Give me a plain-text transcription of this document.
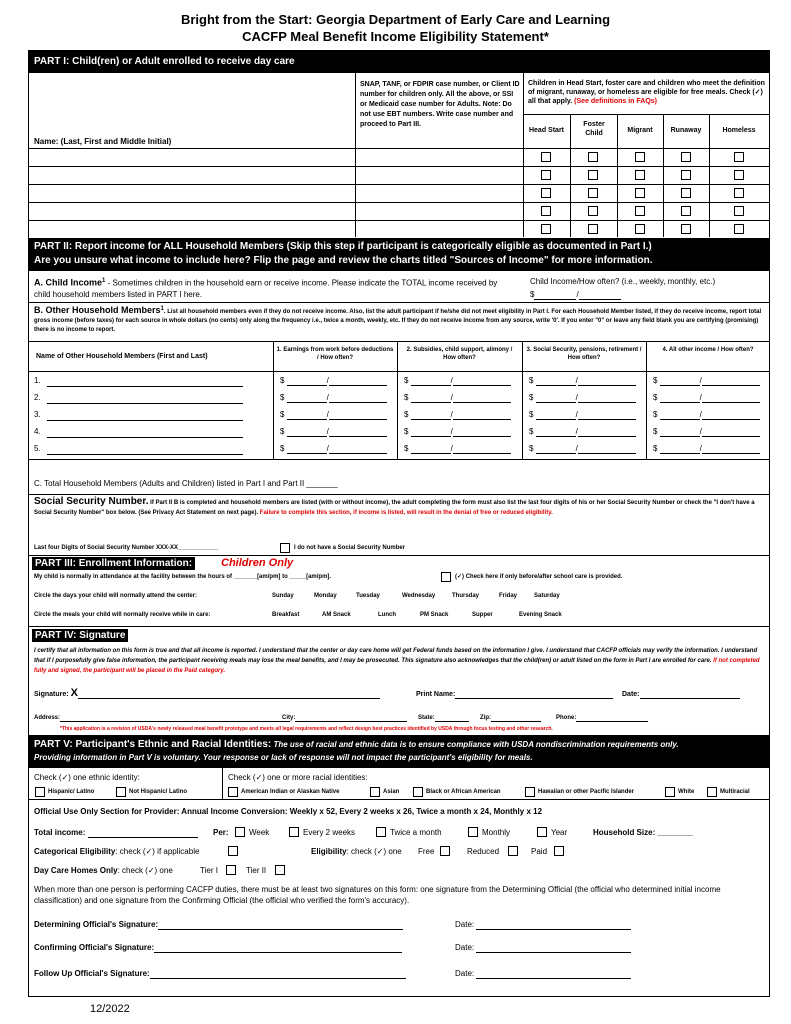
Bright from the Start: Georgia Department of Early Care and Learning
CACFP Meal Benefit Income Eligibility Statement*
PART I: Child(ren) or Adult enrolled to receive day care
Name: (Last, First and Middle Initial)
SNAP, TANF, or FDPIR case number, or Client ID number for children only. All the above, or SSI or Medicaid case number for Adults. Note: Do not use EBT numbers. Write case number and proceed to Part III.
Children in Head Start, foster care and children who meet the definition of migrant, runaway, or homeless are eligible for free meals. Check (✓) all that apply. (See definitions in FAQs)
Head Start
Foster Child	Migrant	Runaway	Homeless
PART II: Report income for ALL Household Members (Skip this step if participant is categorically eligible as documented in Part I.)
Are you unsure what income to include here? Flip the page and review the charts titled "Sources of Income" for more information.
A. Child Income$^1$ - Sometimes children in the household earn or receive income. Please indicate the TOTAL income received by child household members listed in PART I here.
Child Income/How often? (i.e., weekly, monthly, etc.)
$	/
B. Other Household Members$^1$. List all household members even if they do not receive income. Also, list the adult participant if he/she did not meet eligibility in Part I. For each Household Member listed, if they do receive income, report total gross income (before taxes) for each source in whole dollars (no cents) only along the frequency i.e., twice a month, weekly, etc. If they do not receive income from any source, write '0'. If you enter "0" or leave any field blank you are certifying (promising) there is no income to report.
Name of Other Household Members (First and Last)
1. Earnings from work before deductions / How often?
2. Subsidies, child support, alimony / How often?
3. Social Security, pensions, retirement / How often?
4. All other income / How often?
1.	$	/	$	/	$	/	$	/
2.	$	/	$	/	$	/	$	/
3.	$	/	$	/	$	/	$	/
4.	$	/	$	/	$	/	$	/
5.	$	/	$	/	$	/	$	/
C. Total Household Members (Adults and Children) listed in Part I and Part II _______
Social Security Number. If Part II B is completed and household members are listed (with or without income), the adult completing the form must also list the last four digits of his or her Social Security Number or check the "I don't have a Social Security Number" box below. (See Privacy Act Statement on next page). Failure to complete this section, if income is listed, will result in the denial of free or reduced eligibility.
Last four Digits of Social Security Number XXX-XX____________	I do not have a Social Security Number
PART III: Enrollment Information:	Children Only
My child is normally in attendance at the facility between the hours of _______[am/pm] to _____[am/pm].	(✓) Check here if only before/after school care is provided.
Circle the days your child will normally attend the center:	Sunday	Monday	Tuesday	Wednesday	Thursday	Friday	Saturday
Circle the meals your child will normally receive while in care:	Breakfast	AM Snack	Lunch	PM Snack	Supper	Evening Snack
PART IV: Signature
I certify that all information on this form is true and that all income is reported. I understand that the center or day care home will get Federal funds based on the information I give. I understand that CACFP officials may verify the information. I understand that if I purposefully give false information, the participant receiving meals may lose the meal benefits, and I may be prosecuted. This signature also acknowledges that the child(ren) or adult listed on the form in Part I are enrolled for care. If not completed fully and signed, the participant will be placed in the Paid category.
Signature: X	Print Name:	Date:
Address:	City:	State:	Zip:	Phone:
*This application is a revision of USDA's newly released meal benefit prototype and meets all legal requirements and reflect design best practices identified by USDA through focus testing and other research.
PART V: Participant's Ethnic and Racial Identities: The use of racial and ethnic data is to ensure compliance with USDA nondiscrimination requirements only.
Providing information in Part V is voluntary. Your response or lack of response will not impact the participant's eligibility for meals.
Check (✓) one ethnic identity:
Hispanic/ Latino	Not Hispanic/ Latino
Check (✓) one or more racial identities:
American Indian or Alaskan Native	Asian	Black or African American	Hawaiian or other Pacific Islander	White	Multiracial
Official Use Only Section for Provider: Annual Income Conversion: Weekly x 52, Every 2 weeks x 26, Twice a month x 24, Monthly x 12
Total income:	Per:	Week	Every 2 weeks	Twice a month	Monthly	Year	Household Size: ________
Categorical Eligibility: check (✓) if applicable	Eligibility: check (✓) one Free	Reduced	Paid
Day Care Homes Only: check (✓) one	Tier I	Tier II
When more than one person is performing CACFP duties, there must be at least two signatures on this form: one signature from the Determining Official (the official who determined initial income classification) and one signature from the Confirming Official (the official who verified the form's accuracy).
Determining Official's Signature:	Date:
Confirming Official's Signature:	Date:
Follow Up Official's Signature:	Date:
12/2022
